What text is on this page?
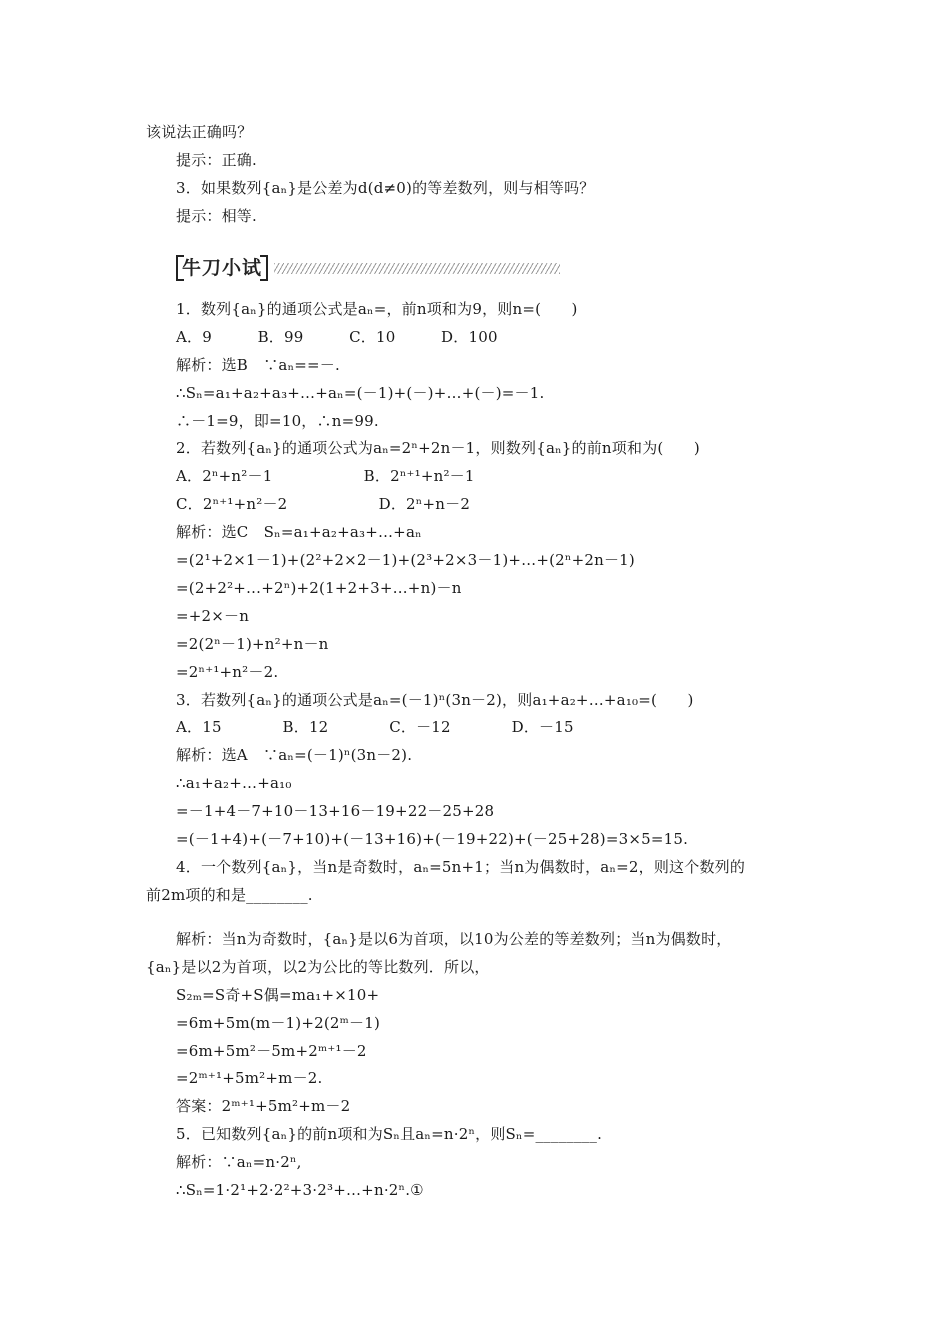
该说法正确吗？
提示：正确.
3．如果数列{aₙ}是公差为d(d≠0)的等差数列，则与相等吗？
提示：相等.
牛刀小试
1．数列{aₙ}的通项公式是aₙ=，前n项和为9，则n=(　　)
A．9　　　B．99　　　C．10　　　D．100
解析：选B　∵aₙ==－.
∴Sₙ=a₁+a₂+a₃+…+aₙ=(－1)+(－)+…+(－)=－1.
∴－1=9，即=10，∴n=99.
2．若数列{aₙ}的通项公式为aₙ=2ⁿ+2n－1，则数列{aₙ}的前n项和为(　　)
A．2ⁿ+n²－1　　　　　　B．2ⁿ⁺¹+n²－1
C．2ⁿ⁺¹+n²－2　　　　　　D．2ⁿ+n－2
解析：选C　Sₙ=a₁+a₂+a₃+…+aₙ
=(2¹+2×1－1)+(2²+2×2－1)+(2³+2×3－1)+…+(2ⁿ+2n－1)
=(2+2²+…+2ⁿ)+2(1+2+3+…+n)－n
=+2×－n
=2(2ⁿ－1)+n²+n－n
=2ⁿ⁺¹+n²－2.
3．若数列{aₙ}的通项公式是aₙ=(－1)ⁿ(3n－2)，则a₁+a₂+…+a₁₀=(　　)
A．15　　　　B．12　　　　C．－12　　　　D．－15
解析：选A　∵aₙ=(－1)ⁿ(3n－2).
∴a₁+a₂+…+a₁₀
=－1+4－7+10－13+16－19+22－25+28
=(－1+4)+(－7+10)+(－13+16)+(－19+22)+(－25+28)=3×5=15.
4．一个数列{aₙ}，当n是奇数时，aₙ=5n+1；当n为偶数时，aₙ=2，则这个数列的
前2m项的和是________.
解析：当n为奇数时，{aₙ}是以6为首项，以10为公差的等差数列；当n为偶数时，
{aₙ}是以2为首项，以2为公比的等比数列．所以，
S₂ₘ=S奇+S偶=ma₁+×10+
=6m+5m(m－1)+2(2ᵐ－1)
=6m+5m²－5m+2ᵐ⁺¹－2
=2ᵐ⁺¹+5m²+m－2.
答案：2ᵐ⁺¹+5m²+m－2
5．已知数列{aₙ}的前n项和为Sₙ且aₙ=n·2ⁿ，则Sₙ=________.
解析：∵aₙ=n·2ⁿ,
∴Sₙ=1·2¹+2·2²+3·2³+…+n·2ⁿ.①
